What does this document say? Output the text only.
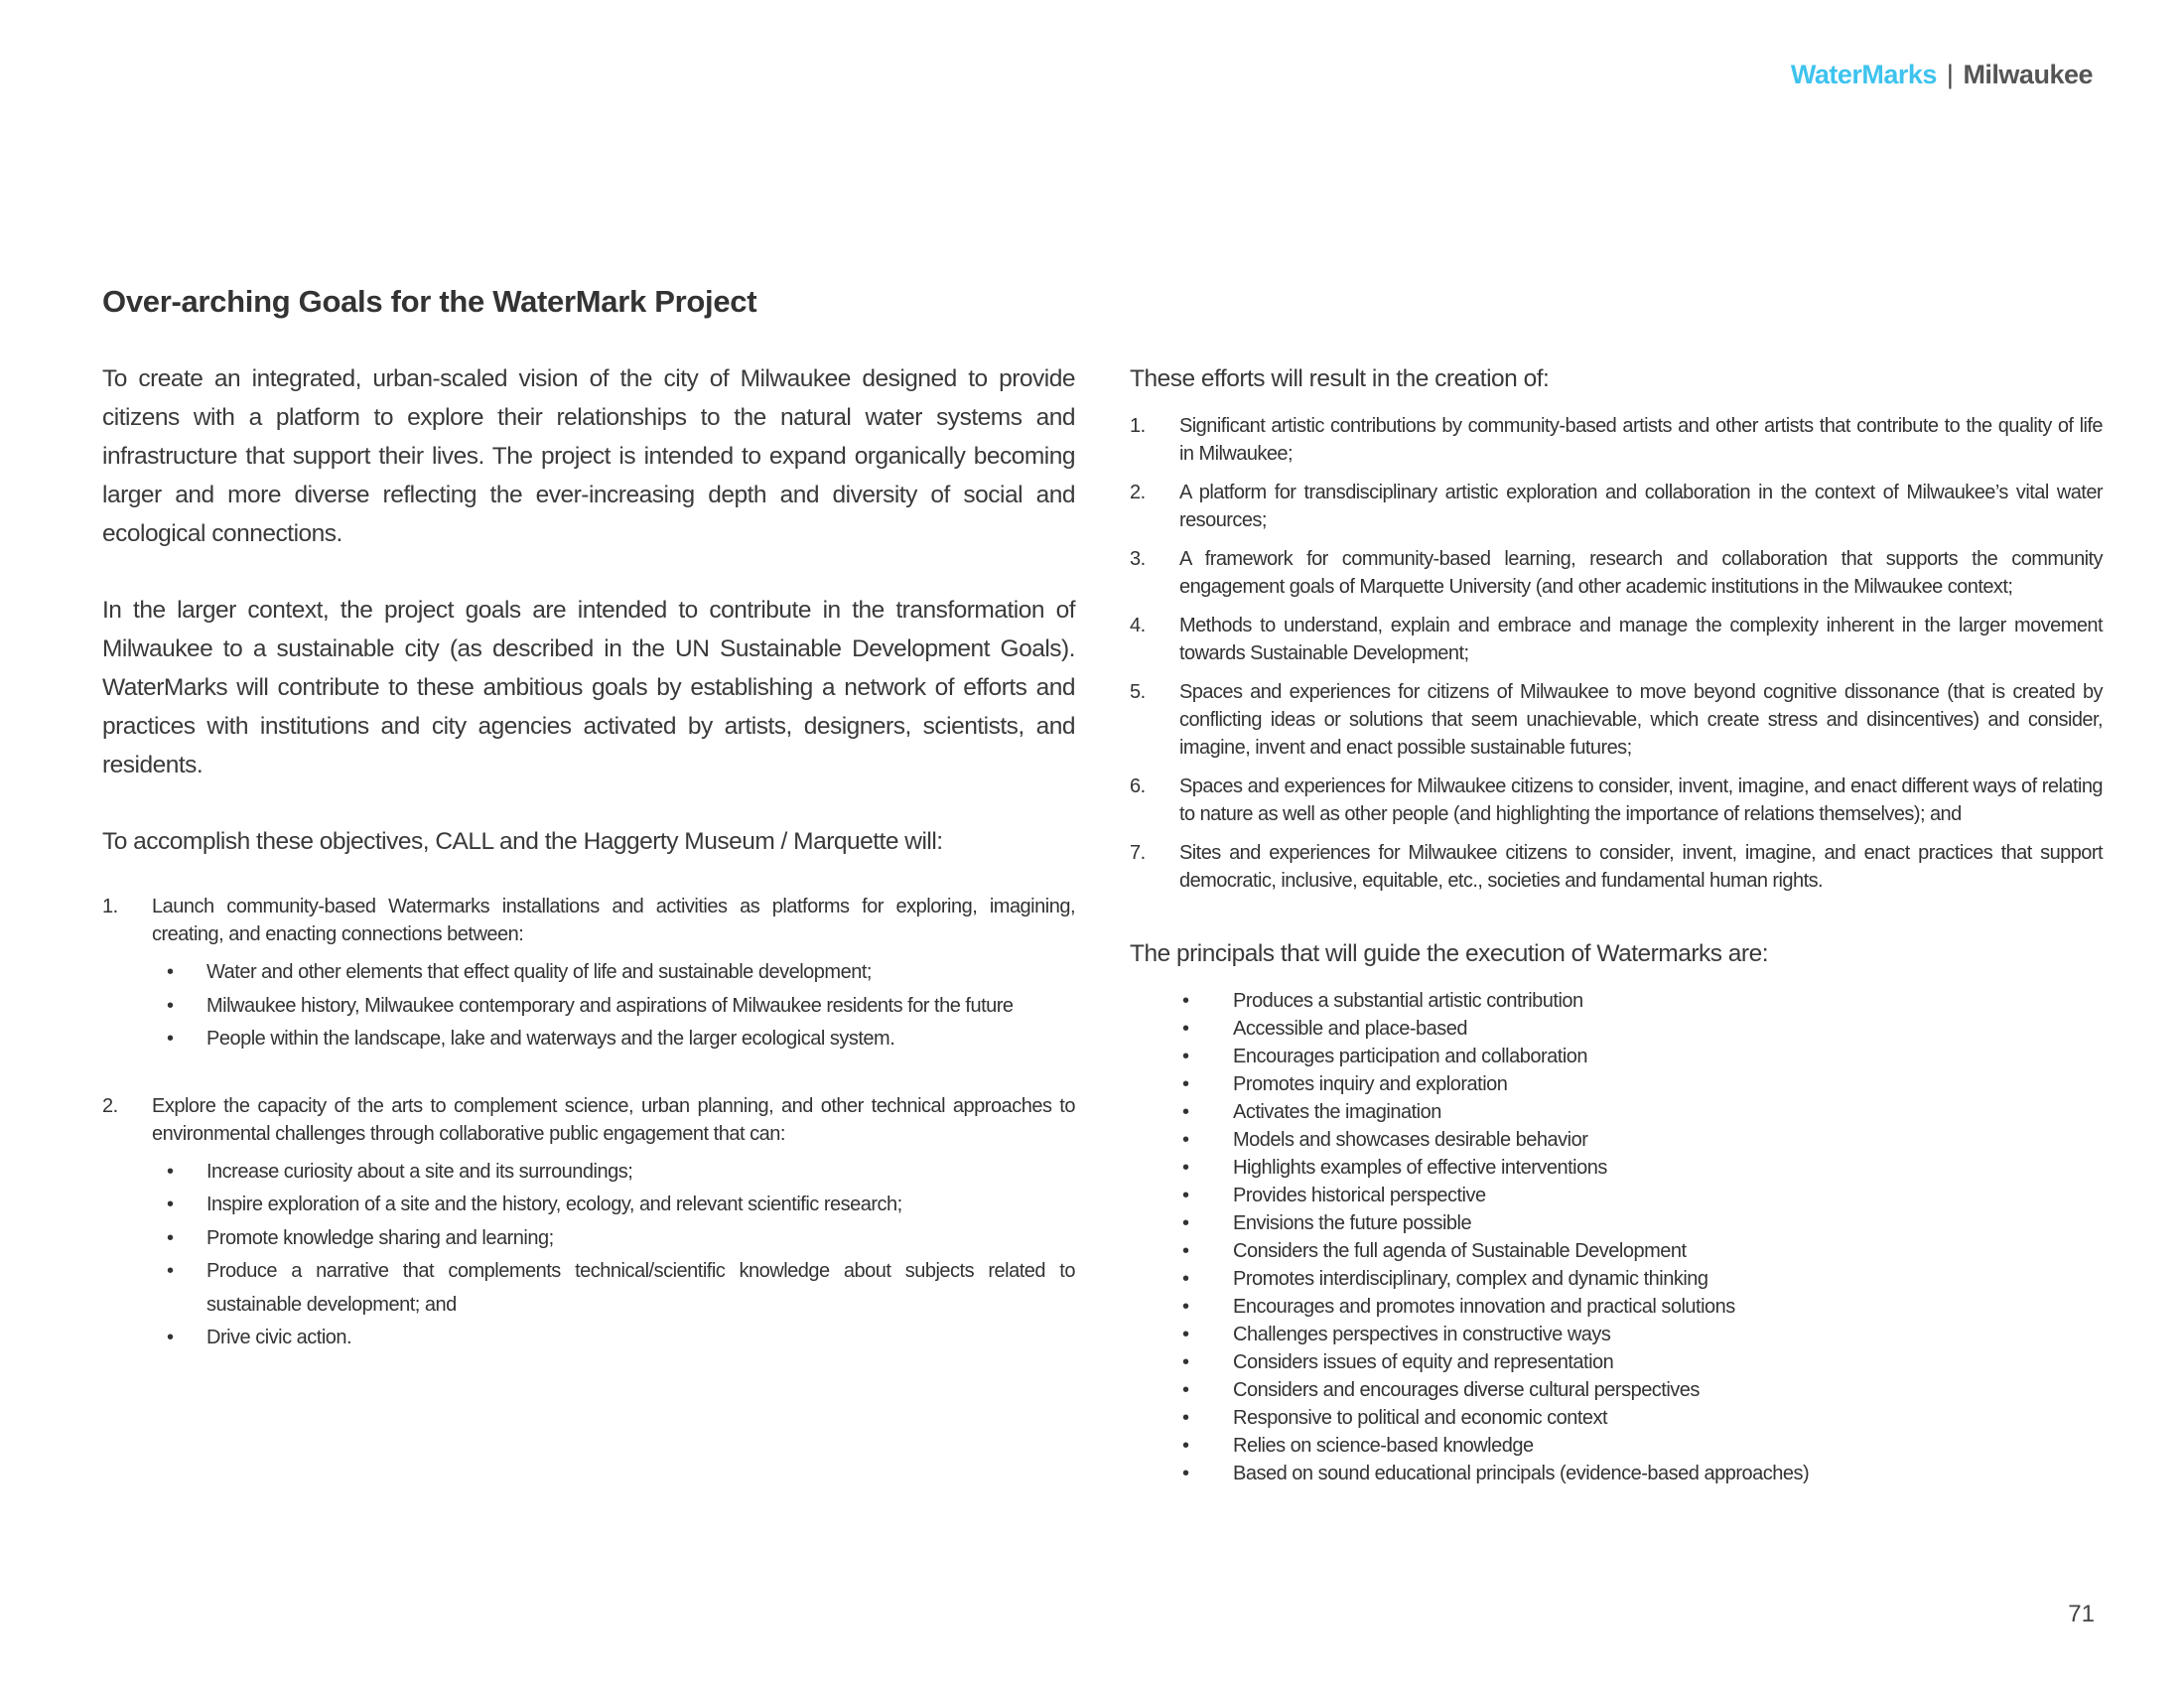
WaterMarks | Milwaukee
Over-arching Goals for the WaterMark Project

To create an integrated, urban-scaled vision of the city of Milwaukee designed to provide citizens with a platform to explore their relationships to the natural water systems and infrastructure that support their lives. The project is intended to expand organically becoming larger and more diverse reflecting the ever-increasing depth and diversity of social and ecological connections.

In the larger context, the project goals are intended to contribute in the transformation of Milwaukee to a sustainable city (as described in the UN Sustainable Development Goals). WaterMarks will contribute to these ambitious goals by establishing a network of efforts and practices with institutions and city agencies activated by artists, designers, scientists, and residents.

To accomplish these objectives, CALL and the Haggerty Museum / Marquette will:

1. Launch community-based Watermarks installations and activities as platforms for exploring, imagining, creating, and enacting connections between:
• Water and other elements that effect quality of life and sustainable development;
• Milwaukee history, Milwaukee contemporary and aspirations of Milwaukee residents for the future
• People within the landscape, lake and waterways and the larger ecological system.
2. Explore the capacity of the arts to complement science, urban planning, and other technical approaches to environmental challenges through collaborative public engagement that can:
• Increase curiosity about a site and its surroundings;
• Inspire exploration of a site and the history, ecology, and relevant scientific research;
• Promote knowledge sharing and learning;
• Produce a narrative that complements technical/scientific knowledge about subjects related to sustainable development; and
• Drive civic action.

These efforts will result in the creation of:

1. Significant artistic contributions by community-based artists and other artists that contribute to the quality of life in Milwaukee;
2. A platform for transdisciplinary artistic exploration and collaboration in the context of Milwaukee’s vital water resources;
3. A framework for community-based learning, research and collaboration that supports the community engagement goals of Marquette University (and other academic institutions in the Milwaukee context;
4. Methods to understand, explain and embrace and manage the complexity inherent in the larger movement towards Sustainable Development;
5. Spaces and experiences for citizens of Milwaukee to move beyond cognitive dissonance (that is created by conflicting ideas or solutions that seem unachievable, which create stress and disincentives) and consider, imagine, invent and enact possible sustainable futures;
6. Spaces and experiences for Milwaukee citizens to consider, invent, imagine, and enact different ways of relating to nature as well as other people (and highlighting the importance of relations themselves); and
7. Sites and experiences for Milwaukee citizens to consider, invent, imagine, and enact practices that support democratic, inclusive, equitable, etc., societies and fundamental human rights.

The principals that will guide the execution of Watermarks are:

• Produces a substantial artistic contribution
• Accessible and place-based
• Encourages participation and collaboration
• Promotes inquiry and exploration
• Activates the imagination
• Models and showcases desirable behavior
• Highlights examples of effective interventions
• Provides historical perspective
• Envisions the future possible
• Considers the full agenda of Sustainable Development
• Promotes interdisciplinary, complex and dynamic thinking
• Encourages and promotes innovation and practical solutions
• Challenges perspectives in constructive ways
• Considers issues of equity and representation
• Considers and encourages diverse cultural perspectives
• Responsive to political and economic context
• Relies on science-based knowledge
• Based on sound educational principals (evidence-based approaches)
71
